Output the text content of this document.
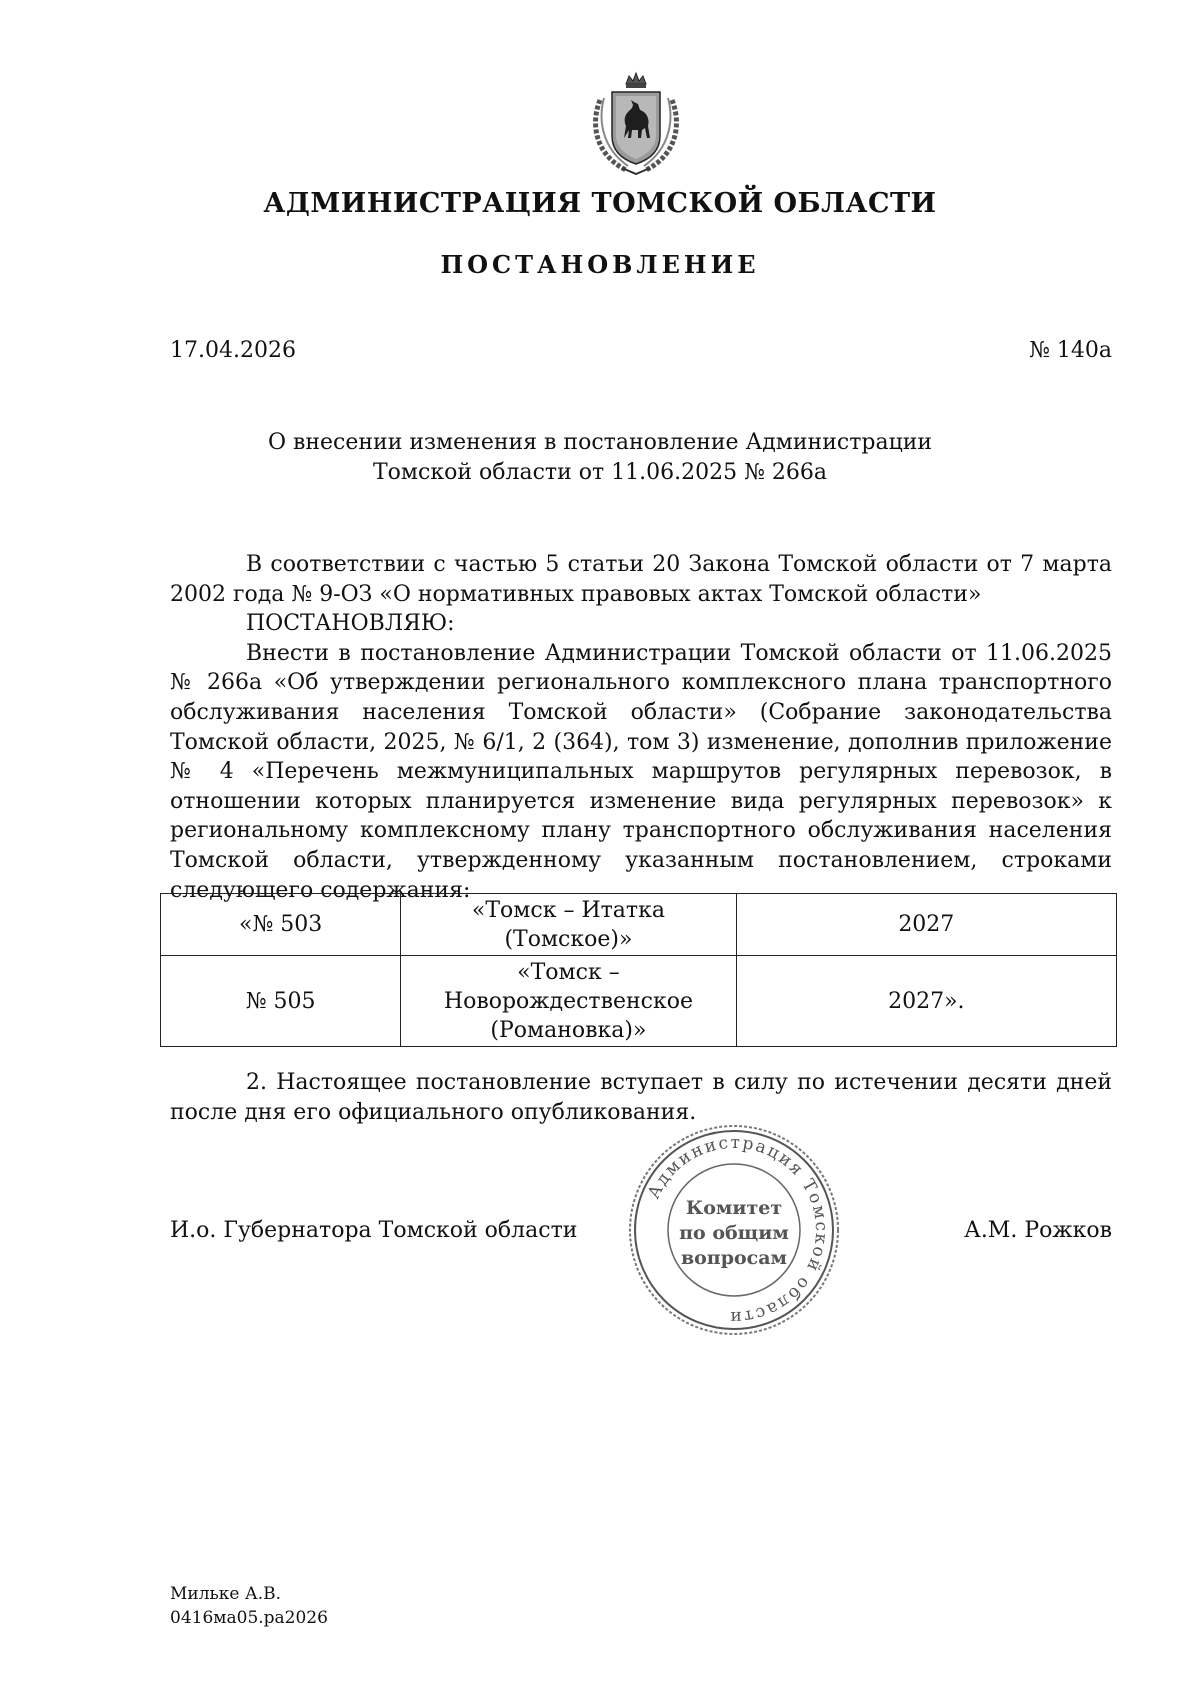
АДМИНИСТРАЦИЯ ТОМСКОЙ ОБЛАСТИ
ПОСТАНОВЛЕНИЕ
17.04.2026	№ 140а
О внесении изменения в постановление Администрации
Томской области от 11.06.2025 № 266а

В соответствии с частью 5 статьи 20 Закона Томской области от 7 марта 2002 года № 9-ОЗ «О нормативных правовых актах Томской области»

ПОСТАНОВЛЯЮ:

Внести в постановление Администрации Томской области от 11.06.2025 № 266а «Об утверждении регионального комплексного плана транспортного обслуживания населения Томской области» (Собрание законодательства Томской области, 2025, № 6/1, 2 (364), том 3) изменение, дополнив приложение № 4 «Перечень межмуниципальных маршрутов регулярных перевозок, в отношении которых планируется изменение вида регулярных перевозок» к региональному комплексному плану транспортного обслуживания населения Томской области, утвержденному указанным постановлением, строками следующего содержания:

«№ 503	«Томск – Итатка
(Томское)»	2027
№ 505	«Томск –
Новорождественское
(Романовка)»	2027».

2. Настоящее постановление вступает в силу по истечении десяти дней после дня его официального опубликования.

И.о. Губернатора Томской области	А.М. Рожков
Администрация Томской области
Комитет
по общим
вопросам
Мильке А.В.
0416ма05.ра2026
